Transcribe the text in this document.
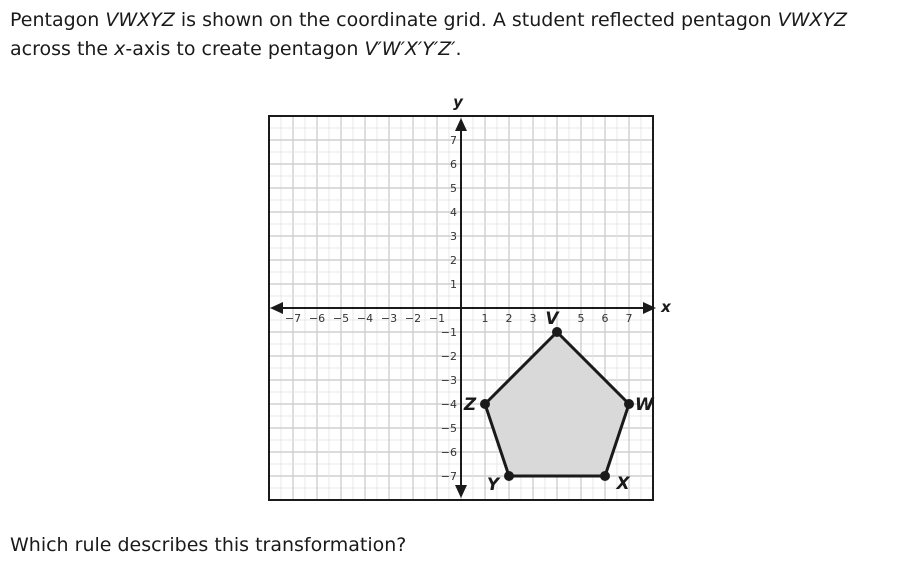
Pentagon VWXYZ is shown on the coordinate grid. A student reflected pentagon VWXYZ across the x-axis to create pentagon V′W′X′Y′Z′.

−7 −6 −5 −4 −3 −2 −1	1 2 3	5 6 7
7
6
5
4
3
2
1
−1
−2
−3
−4
−5
−6
−7
V
W
X
Y
Z
x
y

Which rule describes this transformation?
